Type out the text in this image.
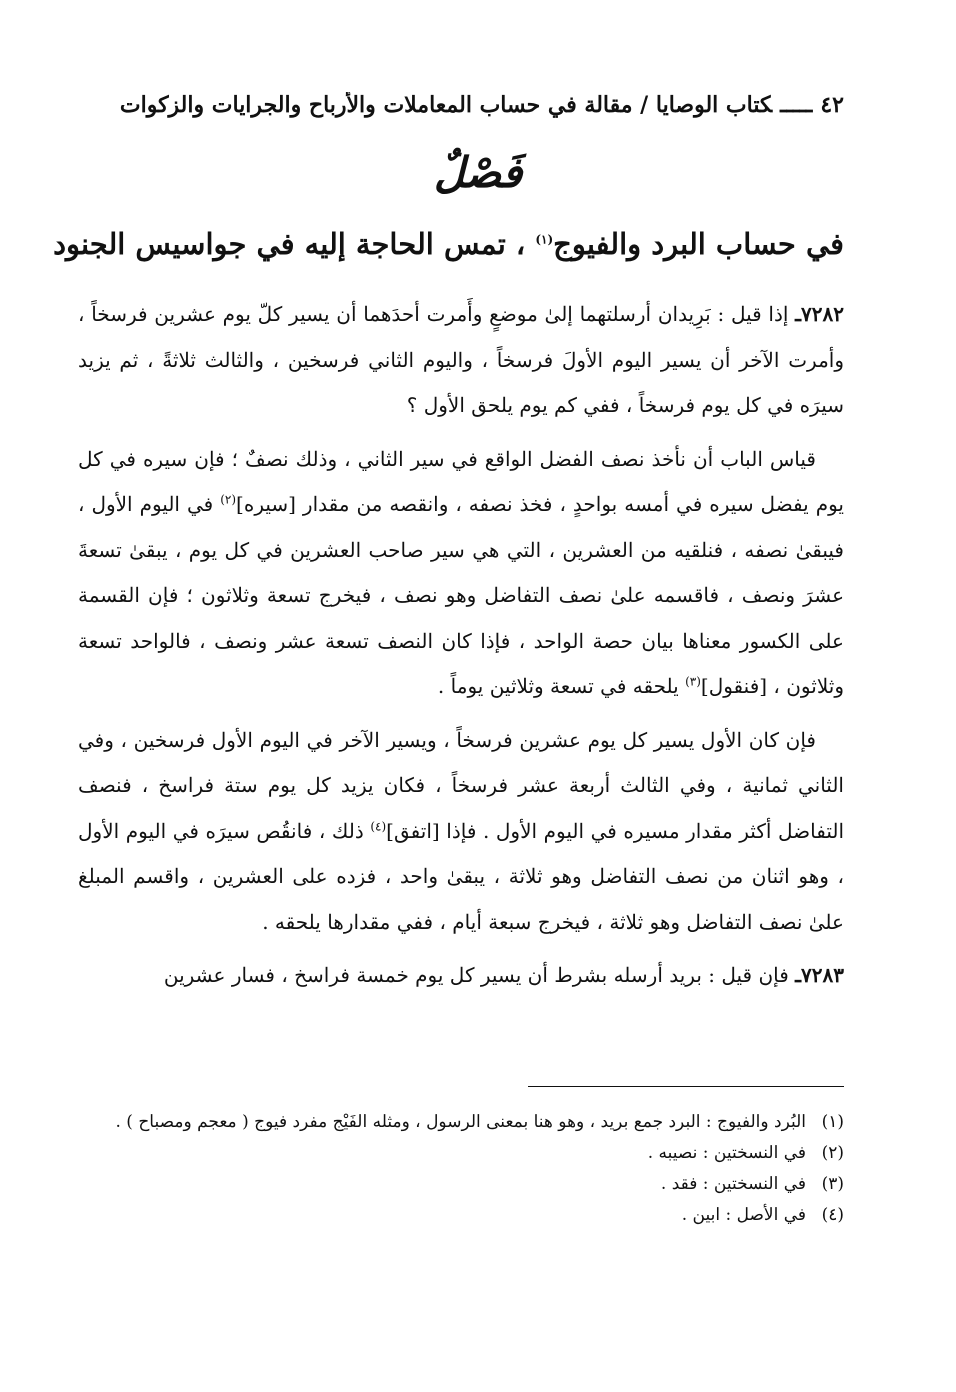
٤٢ـــــكتاب الوصايا / مقالة في حساب المعاملات والأرباح والجرايات والزكوات
فَصْلٌ
في حساب البرد والفيوج$^{(١)}$ ، تمس الحاجة إليه في جواسيس الجنود

٧٢٨٢ـ إذا قيل : بَرِيدان أرسلتهما إلىٰ موضعٍ وأَمرت أحدَهما أن يسير كلّ يوم عشرين فرسخاً ، وأمرت الآخر أن يسير اليوم الأولَ فرسخاً ، واليوم الثاني فرسخين ، والثالث ثلاثةً ، ثم يزيد سيرَه في كل يوم فرسخاً ، ففي كم يوم يلحق الأول ؟

قياس الباب أن نأخذ نصف الفضل الواقع في سير الثاني ، وذلك نصفٌ ؛ فإن سيره في كل يوم يفضل سيره في أمسه بواحدٍ ، فخذ نصفه ، وانقصه من مقدار [سيره]$^{(٢)}$ في اليوم الأول ، فيبقىٰ نصفه ، فنلقيه من العشرين ، التي هي سير صاحب العشرين في كل يوم ، يبقىٰ تسعةَ عشرَ ونصف ، فاقسمه علىٰ نصف التفاضل وهو نصف ، فيخرج تسعة وثلاثون ؛ فإن القسمة على الكسور معناها بيان حصة الواحد ، فإذا كان النصف تسعة عشر ونصف ، فالواحد تسعة وثلاثون ، [فنقول]$^{(٣)}$ يلحقه في تسعة وثلاثين يوماً .

فإن كان الأول يسير كل يوم عشرين فرسخاً ، ويسير الآخر في اليوم الأول فرسخين ، وفي الثاني ثمانية ، وفي الثالث أربعة عشر فرسخاً ، فكان يزيد كل يوم ستة فراسخ ، فنصف التفاضل أكثر مقدار مسيره في اليوم الأول . فإذا [اتفق]$^{(٤)}$ ذلك ، فانقُص سيرَه في اليوم الأول ، وهو اثنان من نصف التفاضل وهو ثلاثة ، يبقىٰ واحد ، فزده على العشرين ، واقسم المبلغ علىٰ نصف التفاضل وهو ثلاثة ، فيخرج سبعة أيام ، ففي مقدارها يلحقه .

٧٢٨٣ـ فإن قيل : بريد أرسله بشرط أن يسير كل يوم خمسة فراسخ ، فسار عشرين

(١)
البُرد والفيوج : البرد جمع بريد ، وهو هنا بمعنى الرسول ، ومثله الفَيْج مفرد فيوج ( معجم ومصباح ) .
(٢)
في النسختين : نصيبه .
(٣)
في النسختين : فقد .
(٤)
في الأصل : ابين .
